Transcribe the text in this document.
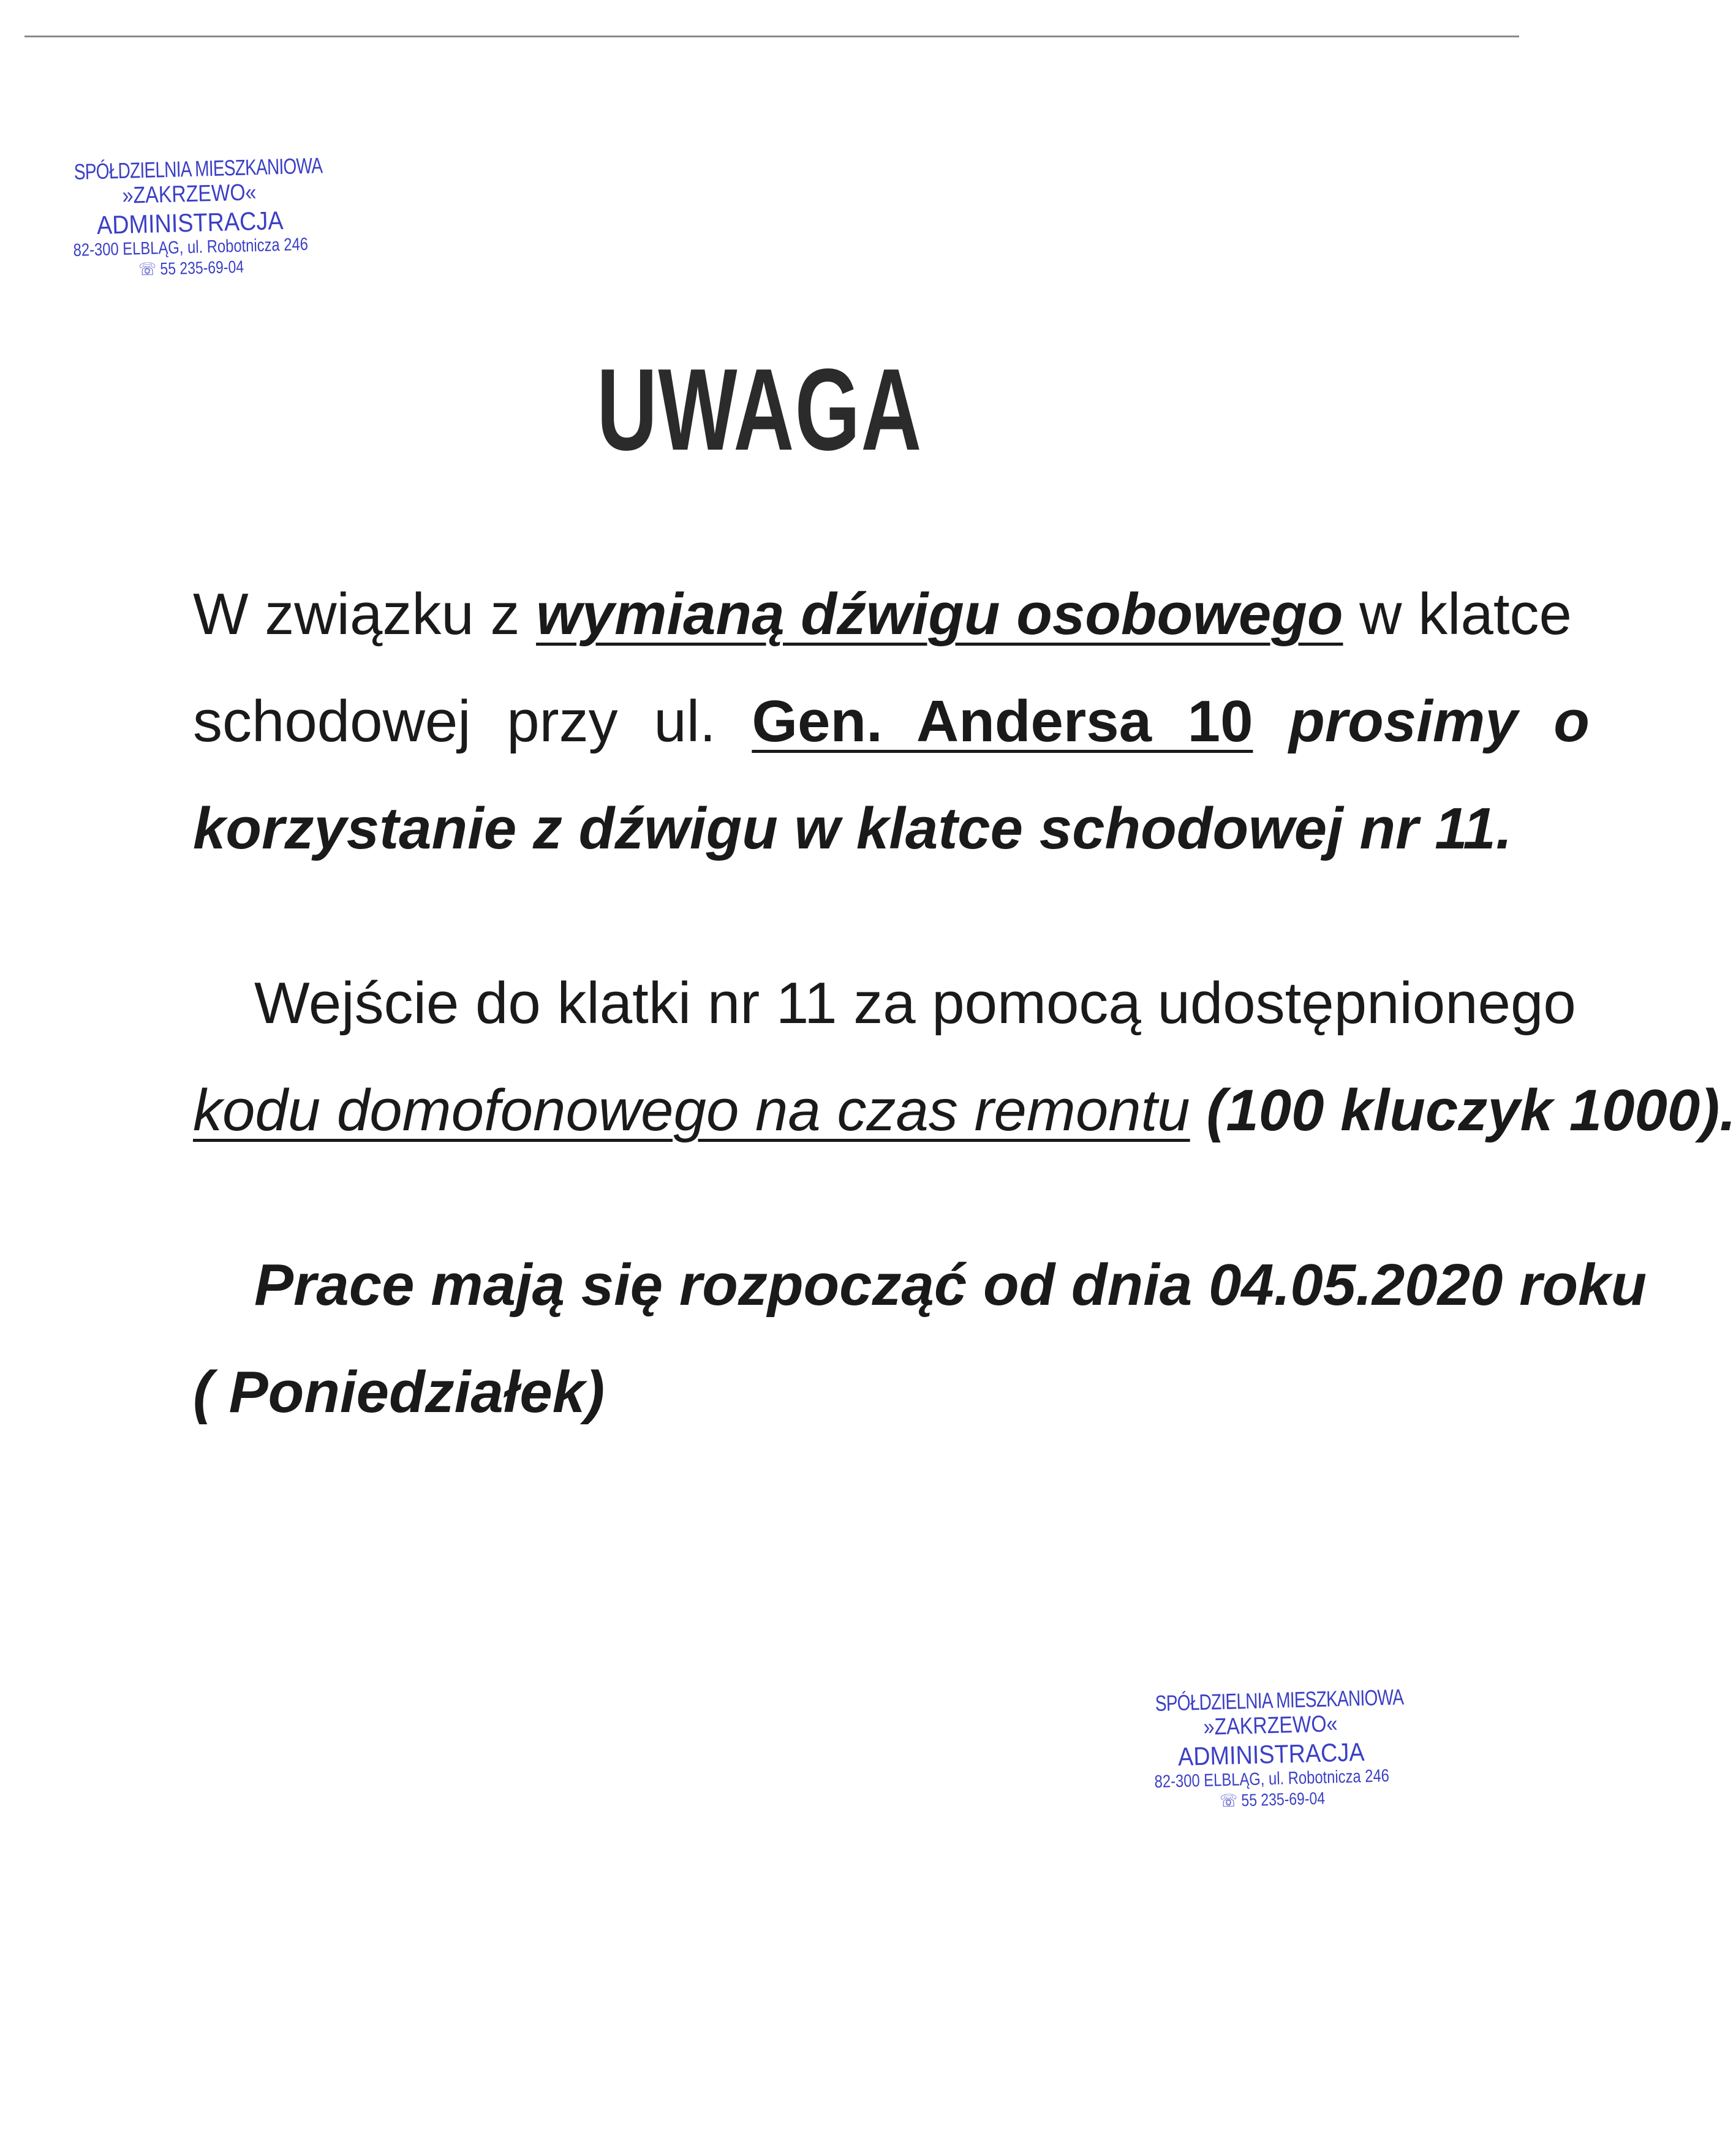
SPÓŁDZIELNIA MIESZKANIOWA
»ZAKRZEWO«
ADMINISTRACJA
82-300 ELBLĄG, ul. Robotnicza 246
☏ 55 235-69-04
UWAGA
W związku z wymianą dźwigu osobowego w klatce
schodowej przy ul. Gen. Andersa 10 prosimy o
korzystanie z dźwigu w klatce schodowej nr 11.
Wejście do klatki nr 11 za pomocą udostępnionego
kodu domofonowego na czas remontu (100 kluczyk 1000).
Prace mają się rozpocząć od dnia 04.05.2020 roku
( Poniedziałek)
SPÓŁDZIELNIA MIESZKANIOWA
»ZAKRZEWO«
ADMINISTRACJA
82-300 ELBLĄG, ul. Robotnicza 246
☏ 55 235-69-04
